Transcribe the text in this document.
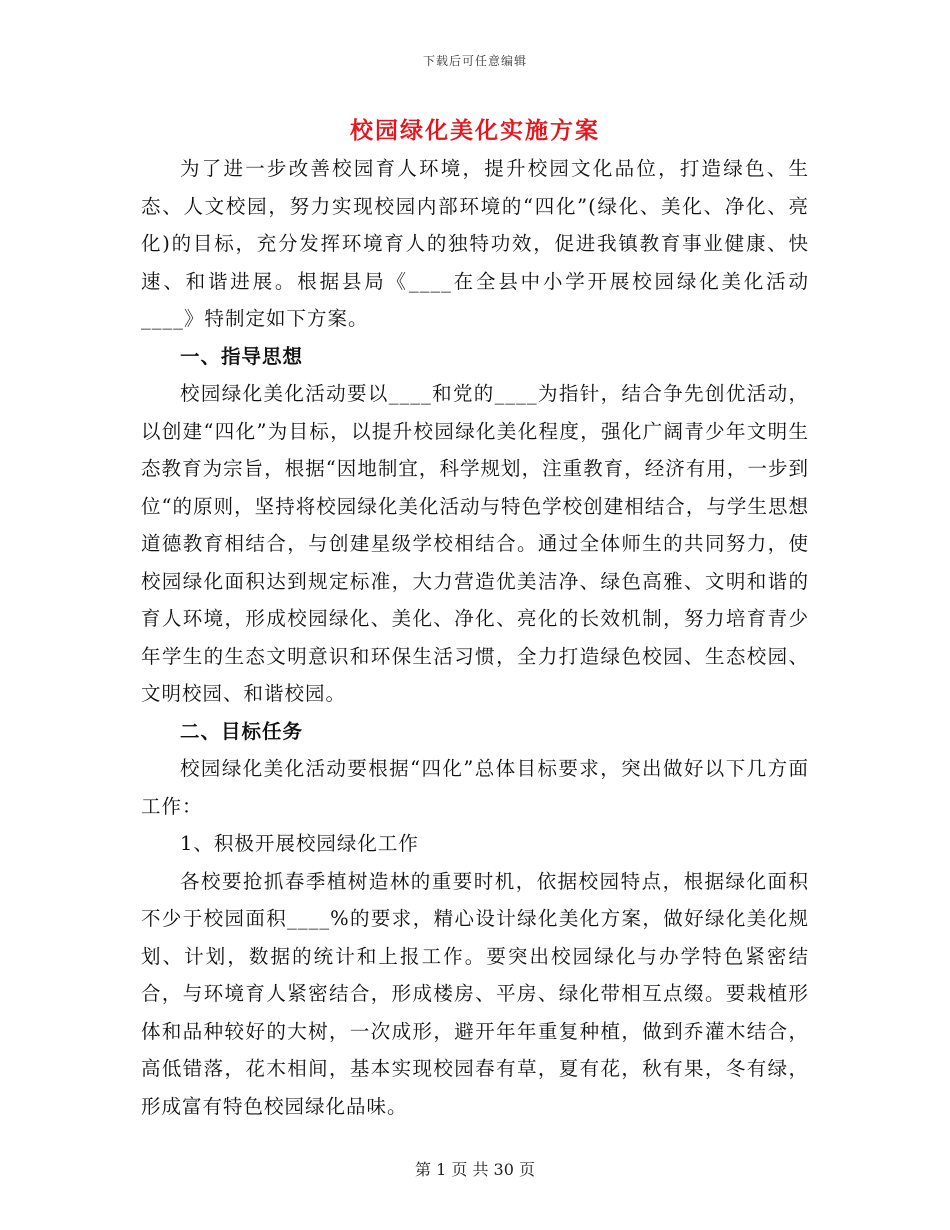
下载后可任意编辑
校园绿化美化实施方案

为了进一步改善校园育人环境，提升校园文化品位，打造绿色、生态、人文校园，努力实现校园内部环境的“四化”(绿化、美化、净化、亮化)的目标，充分发挥环境育人的独特功效，促进我镇教育事业健康、快速、和谐进展。根据县局《____在全县中小学开展校园绿化美化活动____》特制定如下方案。

一、指导思想

校园绿化美化活动要以____和党的____为指针，结合争先创优活动，以创建“四化”为目标，以提升校园绿化美化程度，强化广阔青少年文明生态教育为宗旨，根据“因地制宜，科学规划，注重教育，经济有用，一步到位“的原则，坚持将校园绿化美化活动与特色学校创建相结合，与学生思想道德教育相结合，与创建星级学校相结合。通过全体师生的共同努力，使校园绿化面积达到规定标准，大力营造优美洁净、绿色高雅、文明和谐的育人环境，形成校园绿化、美化、净化、亮化的长效机制，努力培育青少年学生的生态文明意识和环保生活习惯，全力打造绿色校园、生态校园、文明校园、和谐校园。

二、目标任务

校园绿化美化活动要根据“四化”总体目标要求，突出做好以下几方面工作：

1、积极开展校园绿化工作

各校要抢抓春季植树造林的重要时机，依据校园特点，根据绿化面积不少于校园面积____%的要求，精心设计绿化美化方案，做好绿化美化规划、计划，数据的统计和上报工作。要突出校园绿化与办学特色紧密结合，与环境育人紧密结合，形成楼房、平房、绿化带相互点缀。要栽植形体和品种较好的大树，一次成形，避开年年重复种植，做到乔灌木结合，高低错落，花木相间，基本实现校园春有草，夏有花，秋有果，冬有绿，形成富有特色校园绿化品味。

第 1 页 共 30 页
